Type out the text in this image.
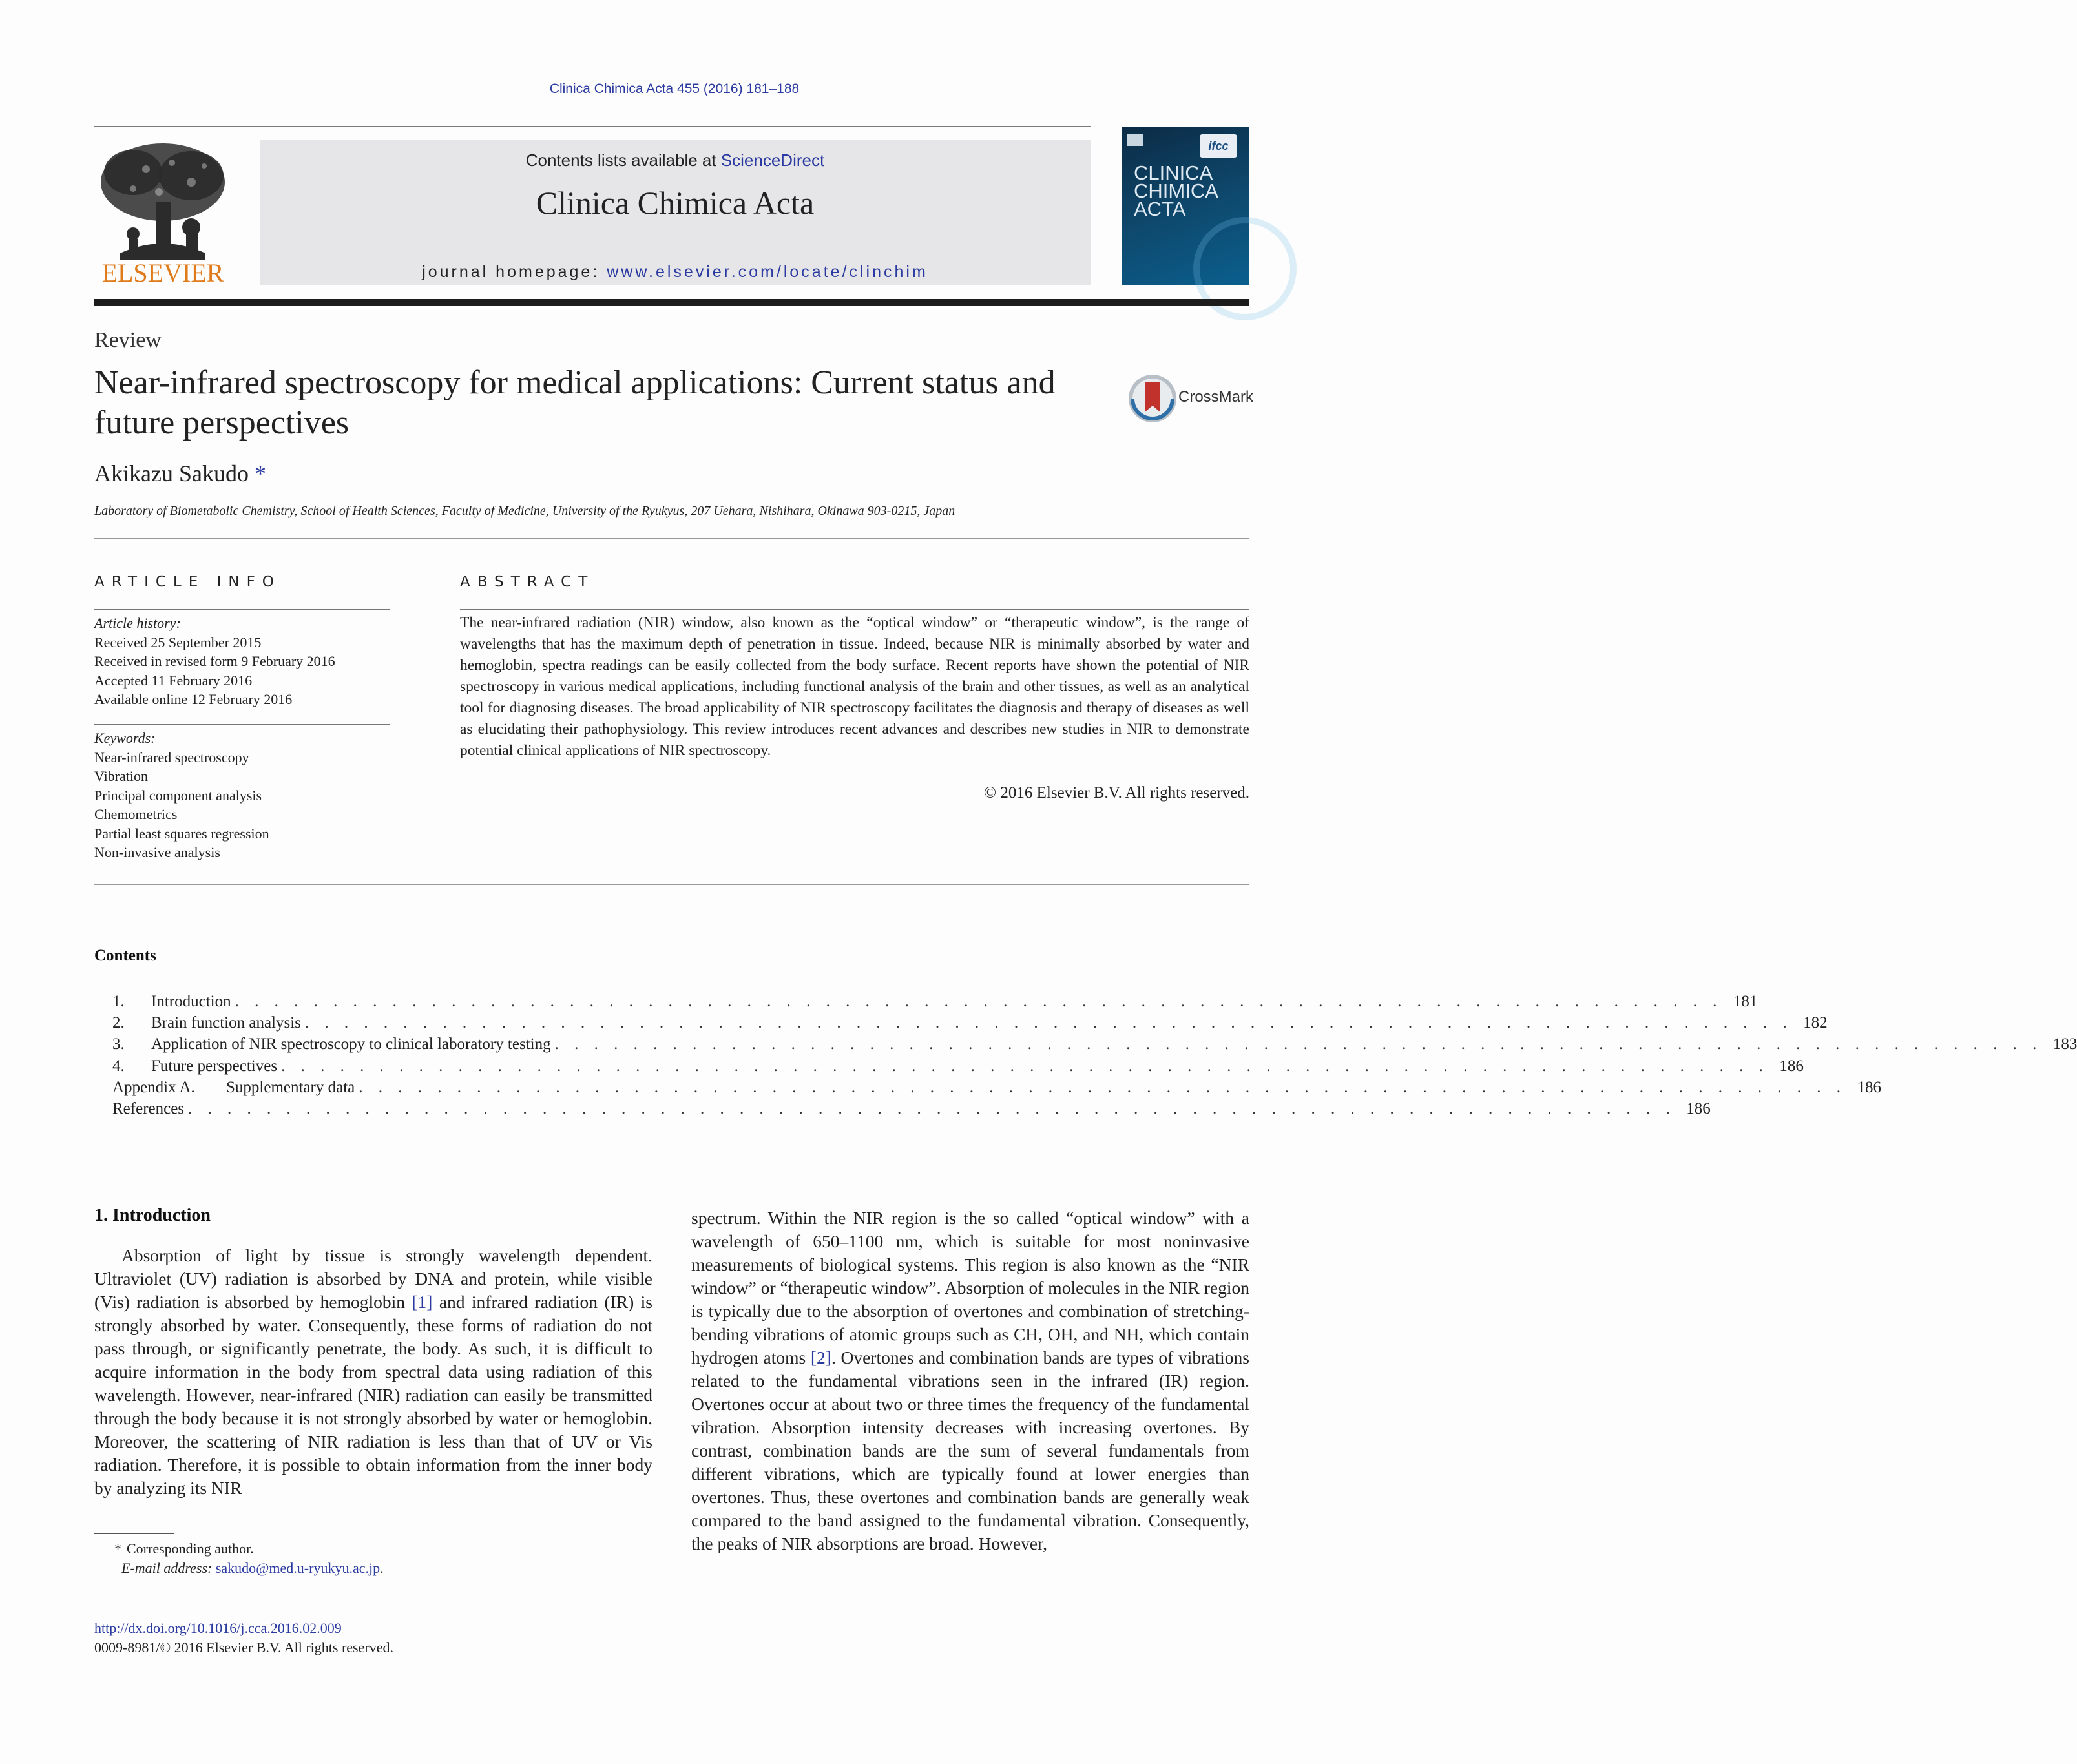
Clinica Chimica Acta 455 (2016) 181–188
ELSEVIER
Contents lists available at ScienceDirect
Clinica Chimica Acta
journal homepage: www.elsevier.com/locate/clinchim
ifcc
CLINICA
CHIMICA
ACTA
Review
Near-infrared spectroscopy for medical applications: Current status and future perspectives
CrossMark
Akikazu Sakudo *
Laboratory of Biometabolic Chemistry, School of Health Sciences, Faculty of Medicine, University of the Ryukyus, 207 Uehara, Nishihara, Okinawa 903-0215, Japan
ARTICLE INFO
Article history:
Received 25 September 2015
Received in revised form 9 February 2016
Accepted 11 February 2016
Available online 12 February 2016
Keywords:
Near-infrared spectroscopy
Vibration
Principal component analysis
Chemometrics
Partial least squares regression
Non-invasive analysis
ABSTRACT
The near-infrared radiation (NIR) window, also known as the “optical window” or “therapeutic window”, is the range of wavelengths that has the maximum depth of penetration in tissue. Indeed, because NIR is minimally absorbed by water and hemoglobin, spectra readings can be easily collected from the body surface. Recent reports have shown the potential of NIR spectroscopy in various medical applications, including functional analysis of the brain and other tissues, as well as an analytical tool for diagnosing diseases. The broad applicability of NIR spectroscopy facilitates the diagnosis and therapy of diseases as well as elucidating their pathophysiology. This review introduces recent advances and describes new studies in NIR to demonstrate potential clinical applications of NIR spectroscopy.
© 2016 Elsevier B.V. All rights reserved.
Contents
1.	Introduction . . . . . . . . . . . . . . . . . . . . . . . . . . . . . . . . . . . . . . . . . . . . . . . . . . . . . . . . . . . . . . . . . . . . . . . . . . . . 181
2.	Brain function analysis . . . . . . . . . . . . . . . . . . . . . . . . . . . . . . . . . . . . . . . . . . . . . . . . . . . . . . . . . . . . . . . . . . . . . . . . . . . . 182
3.	Application of NIR spectroscopy to clinical laboratory testing . . . . . . . . . . . . . . . . . . . . . . . . . . . . . . . . . . . . . . . . . . . . . . . . . . . . . . . . . . . . . . . . . . . . . . . . . . . . 183
4.	Future perspectives . . . . . . . . . . . . . . . . . . . . . . . . . . . . . . . . . . . . . . . . . . . . . . . . . . . . . . . . . . . . . . . . . . . . . . . . . . . . 186
Appendix A.	Supplementary data . . . . . . . . . . . . . . . . . . . . . . . . . . . . . . . . . . . . . . . . . . . . . . . . . . . . . . . . . . . . . . . . . . . . . . . . . . . . 186
References . . . . . . . . . . . . . . . . . . . . . . . . . . . . . . . . . . . . . . . . . . . . . . . . . . . . . . . . . . . . . . . . . . . . . . . . . . . . 186
1. Introduction
Absorption of light by tissue is strongly wavelength dependent. Ultraviolet (UV) radiation is absorbed by DNA and protein, while visible (Vis) radiation is absorbed by hemoglobin [1] and infrared radiation (IR) is strongly absorbed by water. Consequently, these forms of radiation do not pass through, or significantly penetrate, the body. As such, it is difficult to acquire information in the body from spectral data using radiation of this wavelength. However, near-infrared (NIR) radiation can easily be transmitted through the body because it is not strongly absorbed by water or hemoglobin. Moreover, the scattering of NIR radiation is less than that of UV or Vis radiation. Therefore, it is possible to obtain information from the inner body by analyzing its NIR
spectrum. Within the NIR region is the so called “optical window” with a wavelength of 650–1100 nm, which is suitable for most noninvasive measurements of biological systems. This region is also known as the “NIR window” or “therapeutic window”. Absorption of molecules in the NIR region is typically due to the absorption of overtones and combination of stretching-bending vibrations of atomic groups such as CH, OH, and NH, which contain hydrogen atoms [2]. Overtones and combination bands are types of vibrations related to the fundamental vibrations seen in the infrared (IR) region. Overtones occur at about two or three times the frequency of the fundamental vibration. Absorption intensity decreases with increasing overtones. By contrast, combination bands are the sum of several fundamentals from different vibrations, which are typically found at lower energies than overtones. Thus, these overtones and combination bands are generally weak compared to the band assigned to the fundamental vibration. Consequently, the peaks of NIR absorptions are broad. However,
* Corresponding author.
E-mail address: sakudo@med.u-ryukyu.ac.jp.
http://dx.doi.org/10.1016/j.cca.2016.02.009
0009-8981/© 2016 Elsevier B.V. All rights reserved.
